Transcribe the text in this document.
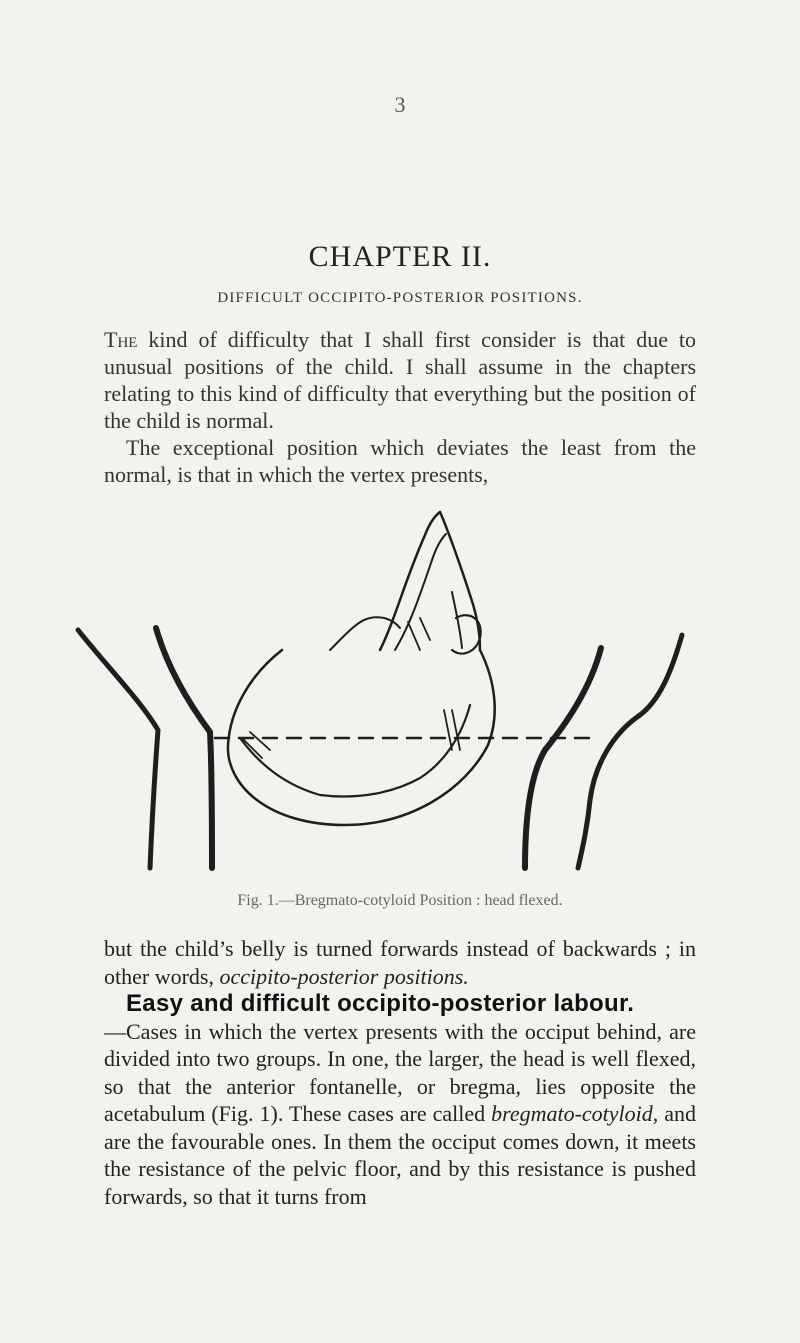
3
CHAPTER II.
DIFFICULT OCCIPITO-POSTERIOR POSITIONS.

The kind of difficulty that I shall first consider is that due to unusual positions of the child. I shall assume in the chapters relating to this kind of difficulty that everything but the position of the child is normal.

The exceptional position which deviates the least from the normal, is that in which the vertex presents,

Fig. 1.—Bregmato-cotyloid Position : head flexed.

but the child’s belly is turned forwards instead of backwards ; in other words, occipito-posterior positions.

Easy and difficult occipito-posterior labour.

—Cases in which the vertex presents with the occiput behind, are divided into two groups. In one, the larger, the head is well flexed, so that the anterior fontanelle, or bregma, lies opposite the acetabulum (Fig. 1). These cases are called bregmato-cotyloid, and are the favourable ones. In them the occiput comes down, it meets the resistance of the pelvic floor, and by this resistance is pushed forwards, so that it turns from
